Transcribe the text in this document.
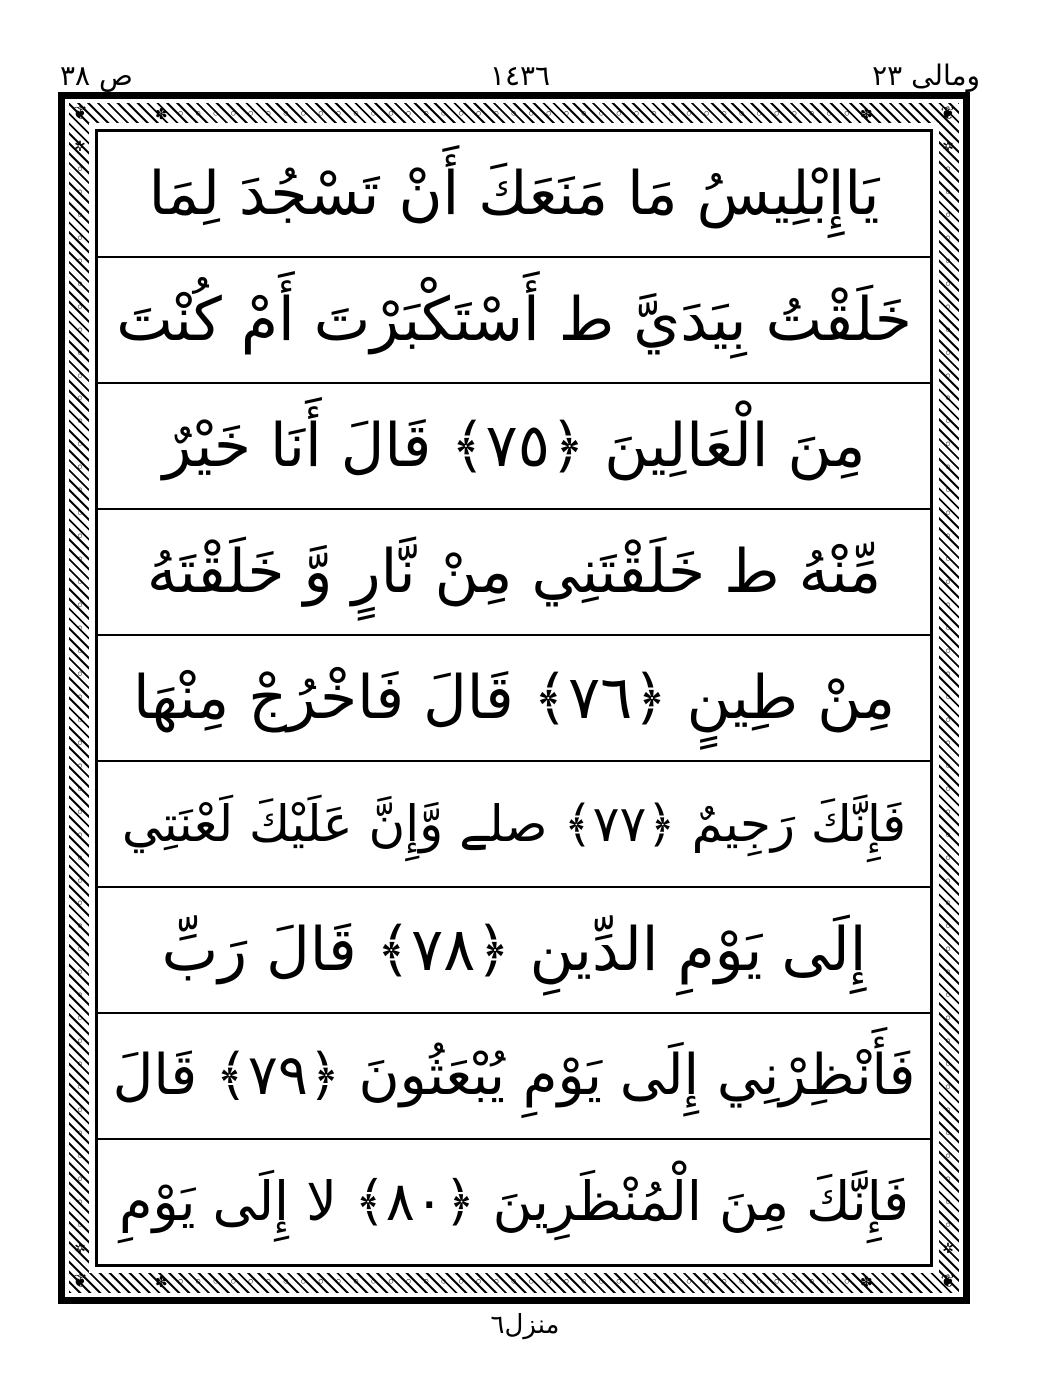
ومالی ٢٣
١٤٣٦
ص ٣٨
❦	❦
❦	❦
✽ ◦ ◦ ◦ ◦ ◦ ◦ ◦ ◦ ◦ ◦ ◦ ◦ ◦ ◦ ◦ ◦ ◦ ◦ ◦ ◦ ◦ ◦ ◦ ◦ ◦ ◦ ◦ ◦ ◦ ◦ ◦ ◦ ◦ ◦ ◦ ◦ ◦ ◦ ◦ ✽
✽ ◦ ◦ ◦ ◦ ◦ ◦ ◦ ◦ ◦ ◦ ◦ ◦ ◦ ◦ ◦ ◦ ◦ ◦ ◦ ◦ ◦ ◦ ◦ ◦ ◦ ◦ ◦ ◦ ◦ ◦ ◦ ◦ ◦ ◦ ◦ ◦ ◦ ◦ ◦ ✽
✲
◦
◦
◦
◦
◦
◦
◦
◦
◦
◦
◦
◦
◦
◦
◦
◦
◦
◦
◦
◦
◦
◦
◦
◦
◦
◦
◦
◦
◦
◦
◦
◦
◦
◦
◦
◦
◦
◦
◦
◦
◦
◦
◦
◦
◦
◦
◦
✲
✲
◦
◦
◦
◦
◦
◦
◦
◦
◦
◦
◦
◦
◦
◦
◦
◦
◦
◦
◦
◦
◦
◦
◦
◦
◦
◦
◦
◦
◦
◦
◦
◦
◦
◦
◦
◦
◦
◦
◦
◦
◦
◦
◦
◦
◦
◦
◦
✲
يَاإِبْلِيسُ مَا مَنَعَكَ أَنْ تَسْجُدَ لِمَا
خَلَقْتُ بِيَدَيَّ ط أَسْتَكْبَرْتَ أَمْ كُنْتَ
مِنَ الْعَالِينَ ﴿٧٥﴾ قَالَ أَنَا خَيْرٌ
مِّنْهُ ط خَلَقْتَنِي مِنْ نَّارٍ وَّ خَلَقْتَهُ
مِنْ طِينٍ ﴿٧٦﴾ قَالَ فَاخْرُجْ مِنْهَا
فَإِنَّكَ رَجِيمٌ ﴿٧٧﴾ صلے وَّإِنَّ عَلَيْكَ لَعْنَتِي
إِلَى يَوْمِ الدِّينِ ﴿٧٨﴾ قَالَ رَبِّ
فَأَنْظِرْنِي إِلَى يَوْمِ يُبْعَثُونَ ﴿٧٩﴾ قَالَ
فَإِنَّكَ مِنَ الْمُنْظَرِينَ ﴿٨٠﴾ لا إِلَى يَوْمِ
منزل٦
